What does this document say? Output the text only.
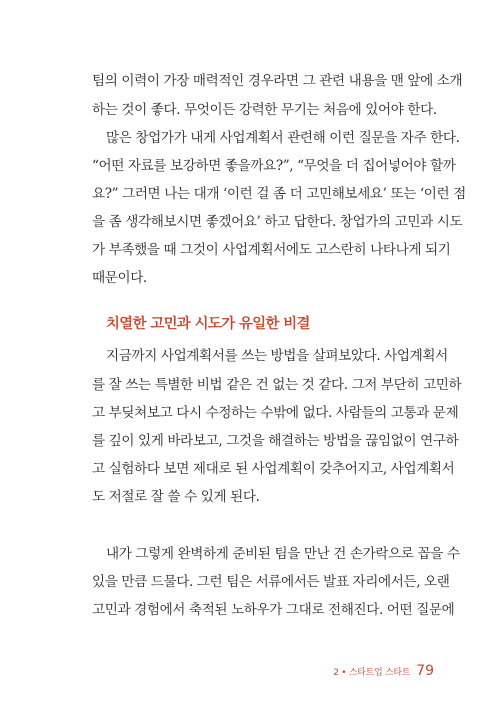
팀의 이력이 가장 매력적인 경우라면 그 관련 내용을 맨 앞에 소개
하는 것이 좋다. 무엇이든 강력한 무기는 처음에 있어야 한다.
많은 창업가가 내게 사업계획서 관련해 이런 질문을 자주 한다.
“어떤 자료를 보강하면 좋을까요?”, “무엇을 더 집어넣어야 할까
요?” 그러면 나는 대개 ‘이런 걸 좀 더 고민해보세요’ 또는 ‘이런 점
을 좀 생각해보시면 좋겠어요’ 하고 답한다. 창업가의 고민과 시도
가 부족했을 때 그것이 사업계획서에도 고스란히 나타나게 되기
때문이다.
치열한 고민과 시도가 유일한 비결
지금까지 사업계획서를 쓰는 방법을 살펴보았다. 사업계획서
를 잘 쓰는 특별한 비법 같은 건 없는 것 같다. 그저 부단히 고민하
고 부딪쳐보고 다시 수정하는 수밖에 없다. 사람들의 고통과 문제
를 깊이 있게 바라보고, 그것을 해결하는 방법을 끊임없이 연구하
고 실험하다 보면 제대로 된 사업계획이 갖추어지고, 사업계획서
도 저절로 잘 쓸 수 있게 된다.
내가 그렇게 완벽하게 준비된 팀을 만난 건 손가락으로 꼽을 수
있을 만큼 드물다. 그런 팀은 서류에서든 발표 자리에서든, 오랜
고민과 경험에서 축적된 노하우가 그대로 전해진다. 어떤 질문에
2 • 스타트업 스타트 79
